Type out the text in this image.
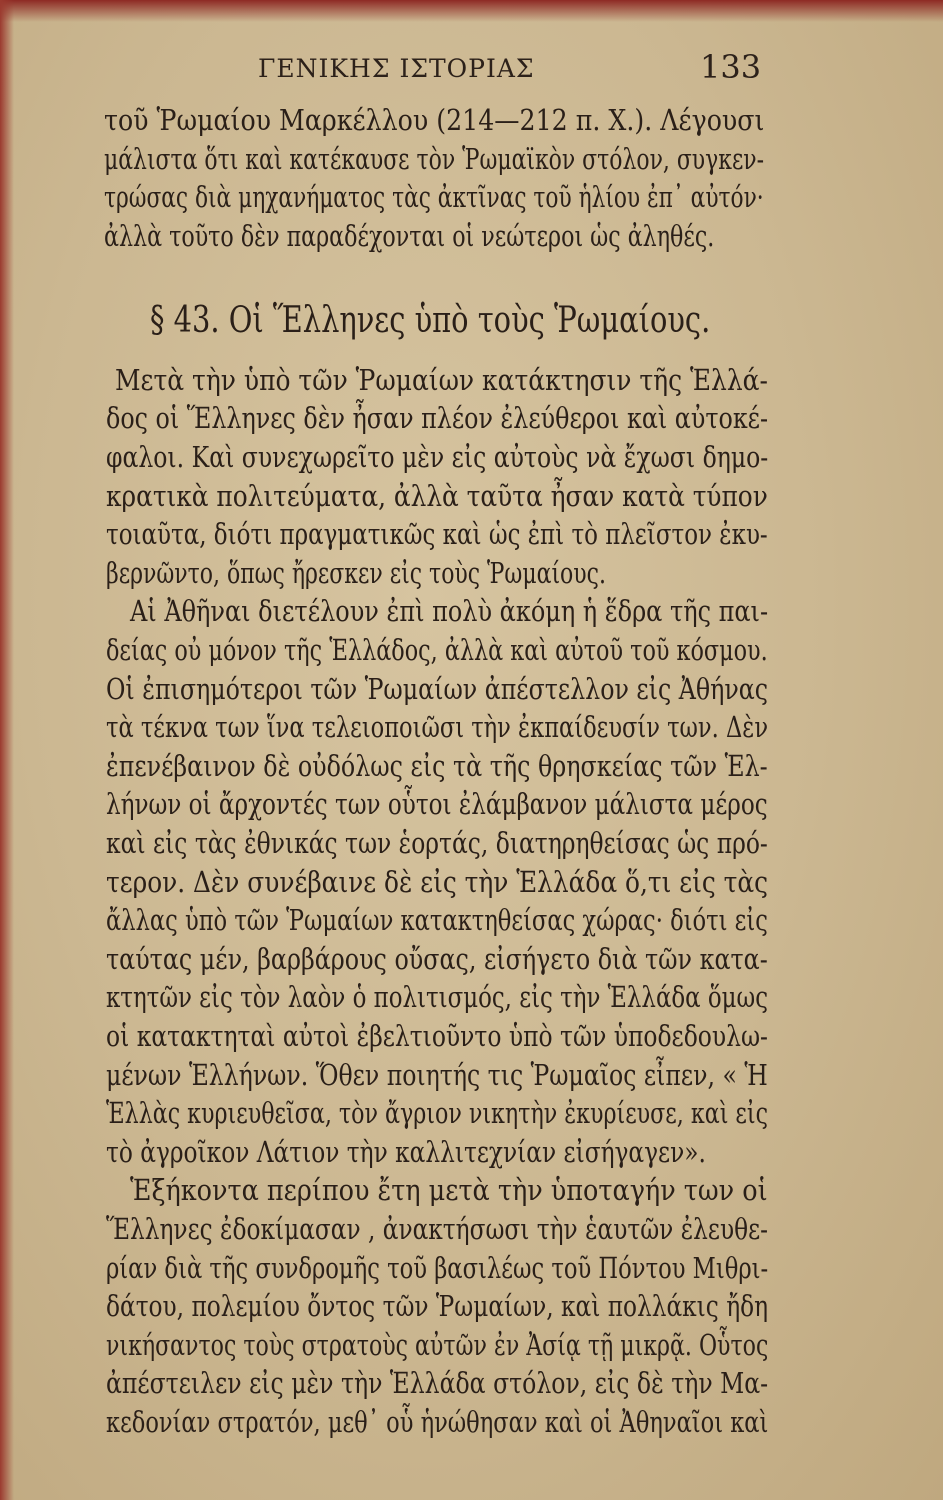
ΓΕΝΙΚΗΣ ΙΣΤΟΡΙΑΣ	133
τοῦ Ῥωμαίου Μαρκέλλου (214—212 π. Χ.). Λέγουσι
μάλιστα ὅτι καὶ κατέκαυσε τὸν Ῥωμαϊκὸν στόλον, συγκεν-
τρώσας διὰ μηχανήματος τὰς ἀκτῖνας τοῦ ἡλίου ἐπ᾽ αὐτόν·
ἀλλὰ τοῦτο δὲν παραδέχονται οἱ νεώτεροι ὡς ἀληθές.
§ 43. Οἱ Ἕλληνες ὑπὸ τοὺς Ῥωμαίους.
Μετὰ τὴν ὑπὸ τῶν Ῥωμαίων κατάκτησιν τῆς Ἑλλά-
δος οἱ Ἕλληνες δὲν ἦσαν πλέον ἐλεύθεροι καὶ αὐτοκέ-
φαλοι. Καὶ συνεχωρεῖτο μὲν εἰς αὐτοὺς νὰ ἔχωσι δημο-
κρατικὰ πολιτεύματα, ἀλλὰ ταῦτα ἦσαν κατὰ τύπον
τοιαῦτα, διότι πραγματικῶς καὶ ὡς ἐπὶ τὸ πλεῖστον ἐκυ-
βερνῶντο, ὅπως ἤρεσκεν εἰς τοὺς Ῥωμαίους.
Αἱ Ἀθῆναι διετέλουν ἐπὶ πολὺ ἀκόμη ἡ ἕδρα τῆς παι-
δείας οὐ μόνον τῆς Ἑλλάδος, ἀλλὰ καὶ αὐτοῦ τοῦ κόσμου.
Οἱ ἐπισημότεροι τῶν Ῥωμαίων ἀπέστελλον εἰς Ἀθήνας
τὰ τέκνα των ἵνα τελειοποιῶσι τὴν ἐκπαίδευσίν των. Δὲν
ἐπενέβαινον δὲ οὐδόλως εἰς τὰ τῆς θρησκείας τῶν Ἑλ-
λήνων οἱ ἄρχοντές των οὗτοι ἐλάμβανον μάλιστα μέρος
καὶ εἰς τὰς ἐθνικάς των ἑορτάς, διατηρηθείσας ὡς πρό-
τερον. Δὲν συνέβαινε δὲ εἰς τὴν Ἑλλάδα ὅ,τι εἰς τὰς
ἄλλας ὑπὸ τῶν Ῥωμαίων κατακτηθείσας χώρας· διότι εἰς
ταύτας μέν, βαρβάρους οὔσας, εἰσήγετο διὰ τῶν κατα-
κτητῶν εἰς τὸν λαὸν ὁ πολιτισμός, εἰς τὴν Ἑλλάδα ὅμως
οἱ κατακτηταὶ αὐτοὶ ἐβελτιοῦντο ὑπὸ τῶν ὑποδεδουλω-
μένων Ἑλλήνων. Ὅθεν ποιητής τις Ῥωμαῖος εἶπεν, « Ἡ
Ἑλλὰς κυριευθεῖσα, τὸν ἄγριον νικητὴν ἐκυρίευσε, καὶ εἰς
τὸ ἀγροῖκον Λάτιον τὴν καλλιτεχνίαν εἰσήγαγεν».
Ἑξήκοντα περίπου ἔτη μετὰ τὴν ὑποταγήν των οἱ
Ἕλληνες ἐδοκίμασαν , ἀνακτήσωσι τὴν ἑαυτῶν ἐλευθε-
ρίαν διὰ τῆς συνδρομῆς τοῦ βασιλέως τοῦ Πόντου Μιθρι-
δάτου, πολεμίου ὄντος τῶν Ῥωμαίων, καὶ πολλάκις ἤδη
νικήσαντος τοὺς στρατοὺς αὐτῶν ἐν Ἀσίᾳ τῇ μικρᾷ. Οὗτος
ἀπέστειλεν εἰς μὲν τὴν Ἑλλάδα στόλον, εἰς δὲ τὴν Μα-
κεδονίαν στρατόν, μεθ᾽ οὗ ἡνώθησαν καὶ οἱ Ἀθηναῖοι καὶ
